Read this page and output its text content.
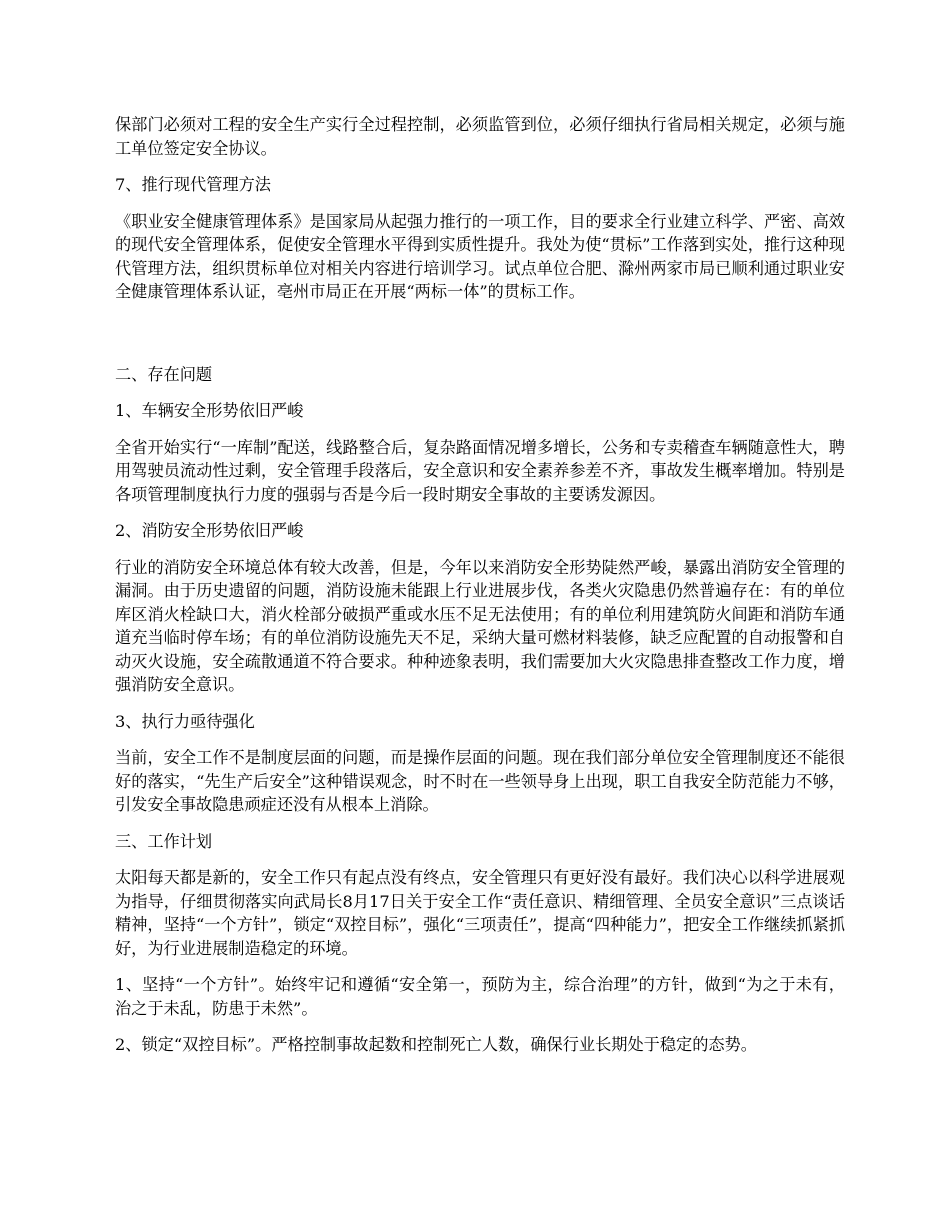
保部门必须对工程的安全生产实行全过程控制，必须监管到位，必须仔细执行省局相关规定，必须与施工单位签定安全协议。

7、推行现代管理方法

《职业安全健康管理体系》是国家局从起强力推行的一项工作，目的要求全行业建立科学、严密、高效的现代安全管理体系，促使安全管理水平得到实质性提升。我处为使“贯标”工作落到实处，推行这种现代管理方法，组织贯标单位对相关内容进行培训学习。试点单位合肥、滁州两家市局已顺利通过职业安全健康管理体系认证，亳州市局正在开展“两标一体”的贯标工作。

二、存在问题

1、车辆安全形势依旧严峻

全省开始实行“一库制”配送，线路整合后，复杂路面情况增多增长，公务和专卖稽查车辆随意性大，聘用驾驶员流动性过剩，安全管理手段落后，安全意识和安全素养参差不齐，事故发生概率增加。特别是各项管理制度执行力度的强弱与否是今后一段时期安全事故的主要诱发源因。

2、消防安全形势依旧严峻

行业的消防安全环境总体有较大改善，但是，今年以来消防安全形势陡然严峻，暴露出消防安全管理的漏洞。由于历史遗留的问题，消防设施未能跟上行业进展步伐，各类火灾隐患仍然普遍存在：有的单位库区消火栓缺口大，消火栓部分破损严重或水压不足无法使用；有的单位利用建筑防火间距和消防车通道充当临时停车场；有的单位消防设施先天不足，采纳大量可燃材料装修，缺乏应配置的自动报警和自动灭火设施，安全疏散通道不符合要求。种种迹象表明，我们需要加大火灾隐患排查整改工作力度，增强消防安全意识。

3、执行力亟待强化

当前，安全工作不是制度层面的问题，而是操作层面的问题。现在我们部分单位安全管理制度还不能很好的落实，“先生产后安全”这种错误观念，时不时在一些领导身上出现，职工自我安全防范能力不够，引发安全事故隐患顽症还没有从根本上消除。

三、工作计划

太阳每天都是新的，安全工作只有起点没有终点，安全管理只有更好没有最好。我们决心以科学进展观为指导，仔细贯彻落实向武局长8月17日关于安全工作“责任意识、精细管理、全员安全意识”三点谈话精神，坚持“一个方针”，锁定“双控目标”，强化“三项责任”，提高“四种能力”，把安全工作继续抓紧抓好，为行业进展制造稳定的环境。

1、坚持“一个方针”。始终牢记和遵循“安全第一，预防为主，综合治理”的方针，做到“为之于未有，治之于未乱，防患于未然”。

2、锁定“双控目标”。严格控制事故起数和控制死亡人数，确保行业长期处于稳定的态势。
